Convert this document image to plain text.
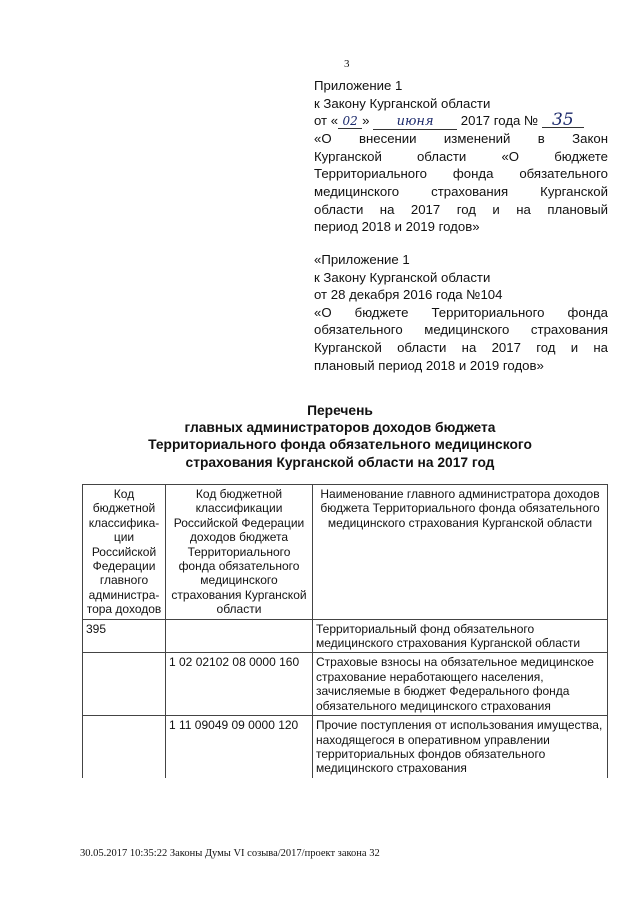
3
Приложение 1
к Закону Курганской области
от « 02 » июня 2017 года № 35
«О внесении изменений в Закон
Курганской области «О бюджете
Территориального фонда обязательного
медицинского страхования Курганской
области на 2017 год и на плановый
период 2018 и 2019 годов»
«Приложение 1
к Закону Курганской области
от 28 декабря 2016 года №104
«О бюджете Территориального фонда
обязательного медицинского страхования
Курганской области на 2017 год и на
плановый период 2018 и 2019 годов»
Перечень
главных администраторов доходов бюджета
Территориального фонда обязательного медицинского
страхования Курганской области на 2017 год
Код бюджетной классифика-ции Российской Федерации главного администра-тора доходов	Код бюджетной классификации Российской Федерации доходов бюджета Территориального фонда обязательного медицинского страхования Курганской области	Наименование главного администратора доходов бюджета Территориального фонда обязательного медицинского страхования Курганской области
395		Территориальный фонд обязательного медицинского страхования Курганской области
	1 02 02102 08 0000 160	Страховые взносы на обязательное медицинское страхование неработающего населения, зачисляемые в бюджет Федерального фонда обязательного медицинского страхования
	1 11 09049 09 0000 120	Прочие поступления от использования имущества, находящегося в оперативном управлении территориальных фондов обязательного медицинского страхования
30.05.2017 10:35:22 Законы Думы VI созыва/2017/проект закона 32
